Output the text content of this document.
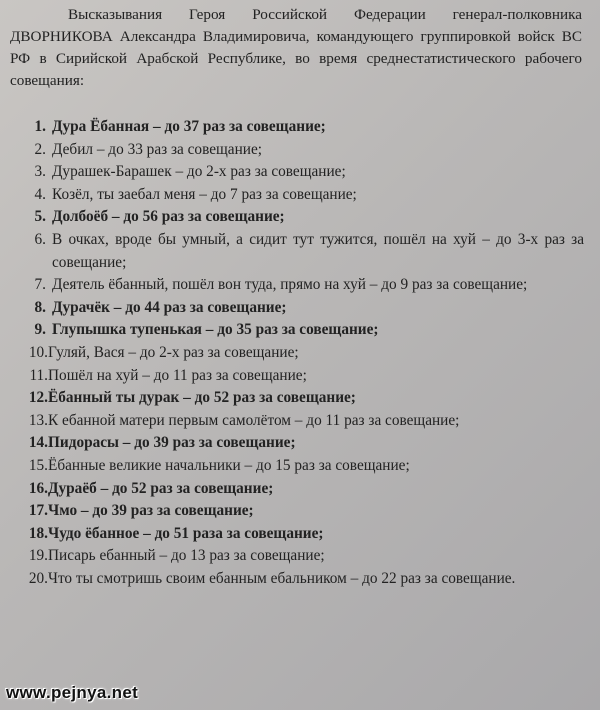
Высказывания Героя Российской Федерации генерал-полковника ДВОРНИКОВА Александра Владимировича, командующего группировкой войск ВС РФ в Сирийской Арабской Республике, во время среднестатистического рабочего совещания:
1. Дура Ёбанная – до 37 раз за совещание;
2. Дебил – до 33 раз за совещание;
3. Дурашек-Барашек – до 2-х раз за совещание;
4. Козёл, ты заебал меня – до 7 раз за совещание;
5. Долбоёб – до 56 раз за совещание;
6. В очках, вроде бы умный, а сидит тут тужится, пошёл на хуй – до 3-х раз за совещание;
7. Деятель ёбанный, пошёл вон туда, прямо на хуй – до 9 раз за совещание;
8. Дурачёк – до 44 раз за совещание;
9. Глупышка тупенькая – до 35 раз за совещание;
10. Гуляй, Вася – до 2-х раз за совещание;
11. Пошёл на хуй – до 11 раз за совещание;
12. Ёбанный ты дурак – до 52 раз за совещание;
13. К ебанной матери первым самолётом – до 11 раз за совещание;
14. Пидорасы – до 39 раз за совещание;
15. Ёбанные великие начальники – до 15 раз за совещание;
16. Дураёб – до 52 раз за совещание;
17. Чмо – до 39 раз за совещание;
18. Чудо ёбанное – до 51 раза за совещание;
19. Писарь ебанный – до 13 раз за совещание;
20. Что ты смотришь своим ебанным ебальником – до 22 раз за совещание.
www.pejnya.net
